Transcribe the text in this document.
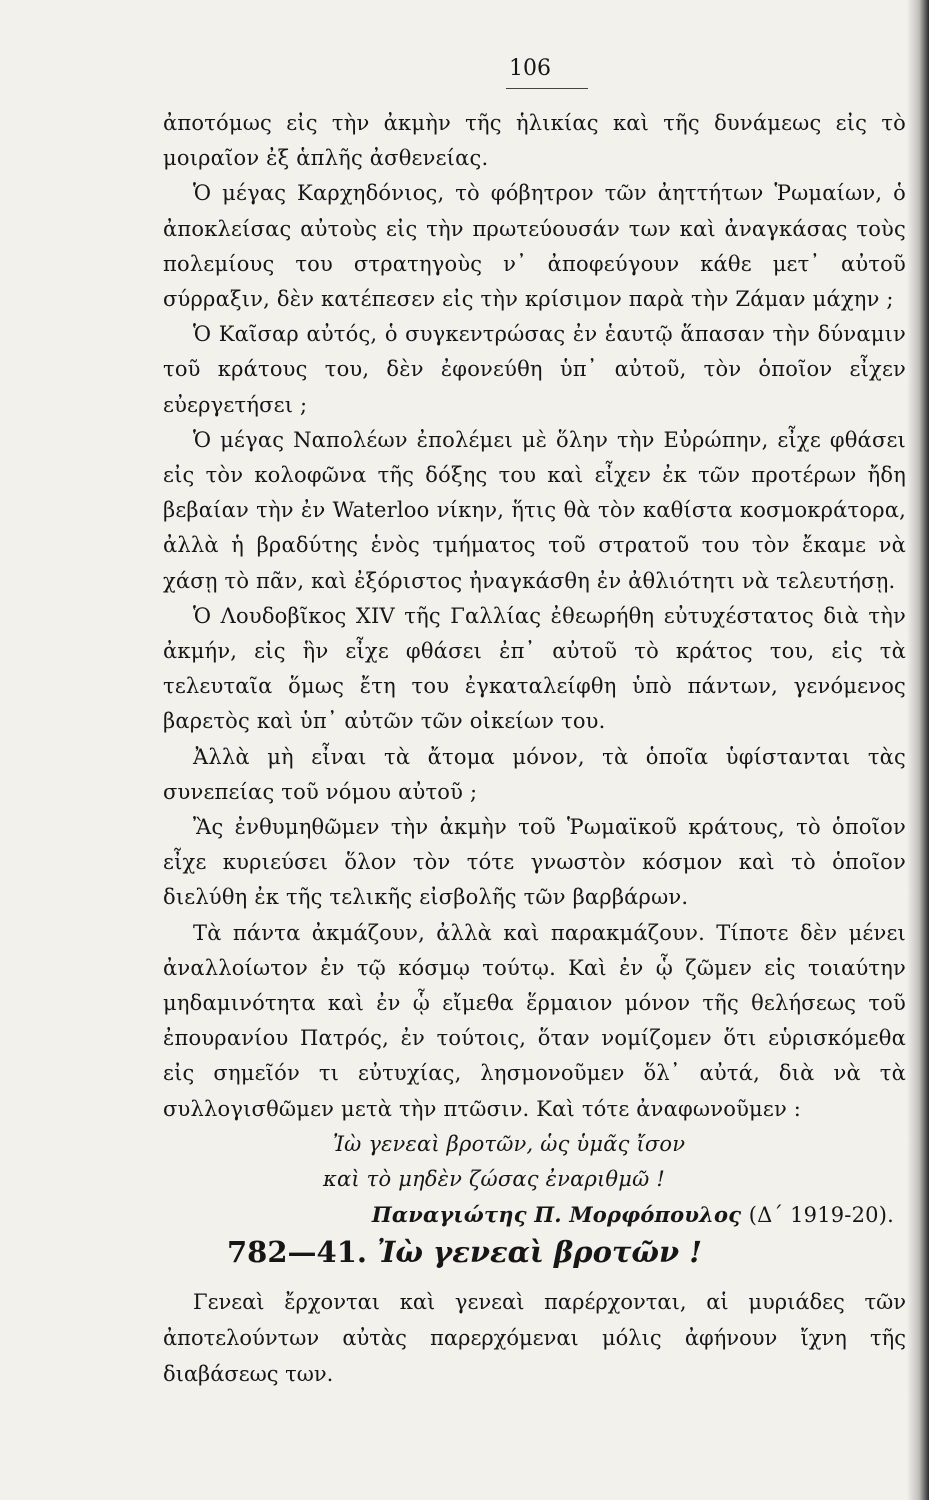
106

ἀποτόμως εἰς τὴν ἀκμὴν τῆς ἡλικίας καὶ τῆς δυνάμεως εἰς τὸ μοιραῖον ἐξ ἁπλῆς ἀσθενείας.

Ὁ μέγας Καρχηδόνιος, τὸ φόβητρον τῶν ἀηττήτων Ῥωμαίων, ὁ ἀποκλείσας αὐτοὺς εἰς τὴν πρωτεύουσάν των καὶ ἀναγκάσας τοὺς πολεμίους του στρατηγοὺς ν᾽ ἀποφεύγουν κάθε μετ᾽ αὐτοῦ σύρραξιν, δὲν κατέπεσεν εἰς τὴν κρίσιμον παρὰ τὴν Ζάμαν μάχην ;

Ὁ Καῖσαρ αὐτός, ὁ συγκεντρώσας ἐν ἑαυτῷ ἅπασαν τὴν δύναμιν τοῦ κράτους του, δὲν ἐφονεύθη ὑπ᾽ αὐτοῦ, τὸν ὁποῖον εἶχεν εὐεργετήσει ;

Ὁ μέγας Ναπολέων ἐπολέμει μὲ ὅλην τὴν Εὐρώπην, εἶχε φθάσει εἰς τὸν κολοφῶνα τῆς δόξης του καὶ εἶχεν ἐκ τῶν προτέρων ἤδη βεβαίαν τὴν ἐν Waterloo νίκην, ἥτις θὰ τὸν καθίστα κοσμοκράτορα, ἀλλὰ ἡ βραδύτης ἑνὸς τμήματος τοῦ στρατοῦ του τὸν ἔκαμε νὰ χάσῃ τὸ πᾶν, καὶ ἐξόριστος ἠναγκάσθη ἐν ἀθλιότητι νὰ τελευτήσῃ.

Ὁ Λουδοβῖκος XIV τῆς Γαλλίας ἐθεωρήθη εὐτυχέστατος διὰ τὴν ἀκμήν, εἰς ἣν εἶχε φθάσει ἐπ᾽ αὐτοῦ τὸ κράτος του, εἰς τὰ τελευταῖα ὅμως ἔτη του ἐγκαταλείφθη ὑπὸ πάντων, γενόμενος βαρετὸς καὶ ὑπ᾽ αὐτῶν τῶν οἰκείων του.

Ἀλλὰ μὴ εἶναι τὰ ἄτομα μόνον, τὰ ὁποῖα ὑφίστανται τὰς συνεπείας τοῦ νόμου αὐτοῦ ;

Ἂς ἐνθυμηθῶμεν τὴν ἀκμὴν τοῦ Ῥωμαϊκοῦ κράτους, τὸ ὁποῖον εἶχε κυριεύσει ὅλον τὸν τότε γνωστὸν κόσμον καὶ τὸ ὁποῖον διελύθη ἐκ τῆς τελικῆς εἰσβολῆς τῶν βαρβάρων.

Τὰ πάντα ἀκμάζουν, ἀλλὰ καὶ παρακμάζουν. Τίποτε δὲν μένει ἀναλλοίωτον ἐν τῷ κόσμῳ τούτῳ. Καὶ ἐν ᾧ ζῶμεν εἰς τοιαύτην μηδαμινότητα καὶ ἐν ᾧ εἴμεθα ἕρμαιον μόνον τῆς θελήσεως τοῦ ἐπουρανίου Πατρός, ἐν τούτοις, ὅταν νομίζομεν ὅτι εὑρισκόμεθα εἰς σημεῖόν τι εὐτυχίας, λησμονοῦμεν ὅλ᾽ αὐτά, διὰ νὰ τὰ συλλογισθῶμεν μετὰ τὴν πτῶσιν. Καὶ τότε ἀναφωνοῦμεν :

Ἰὼ γενεαὶ βροτῶν, ὡς ὑμᾶς ἴσον
καὶ τὸ μηδὲν ζώσας ἐναριθμῶ !
Παναγιώτης Π. Μορφόπουλος (Δ´ 1919-20).
782—41. Ἰὼ γενεαὶ βροτῶν !

Γενεαὶ ἔρχονται καὶ γενεαὶ παρέρχονται, αἱ μυριάδες τῶν ἀποτελούντων αὐτὰς παρερχόμεναι μόλις ἀφήνουν ἴχνη τῆς διαβάσεως των.
